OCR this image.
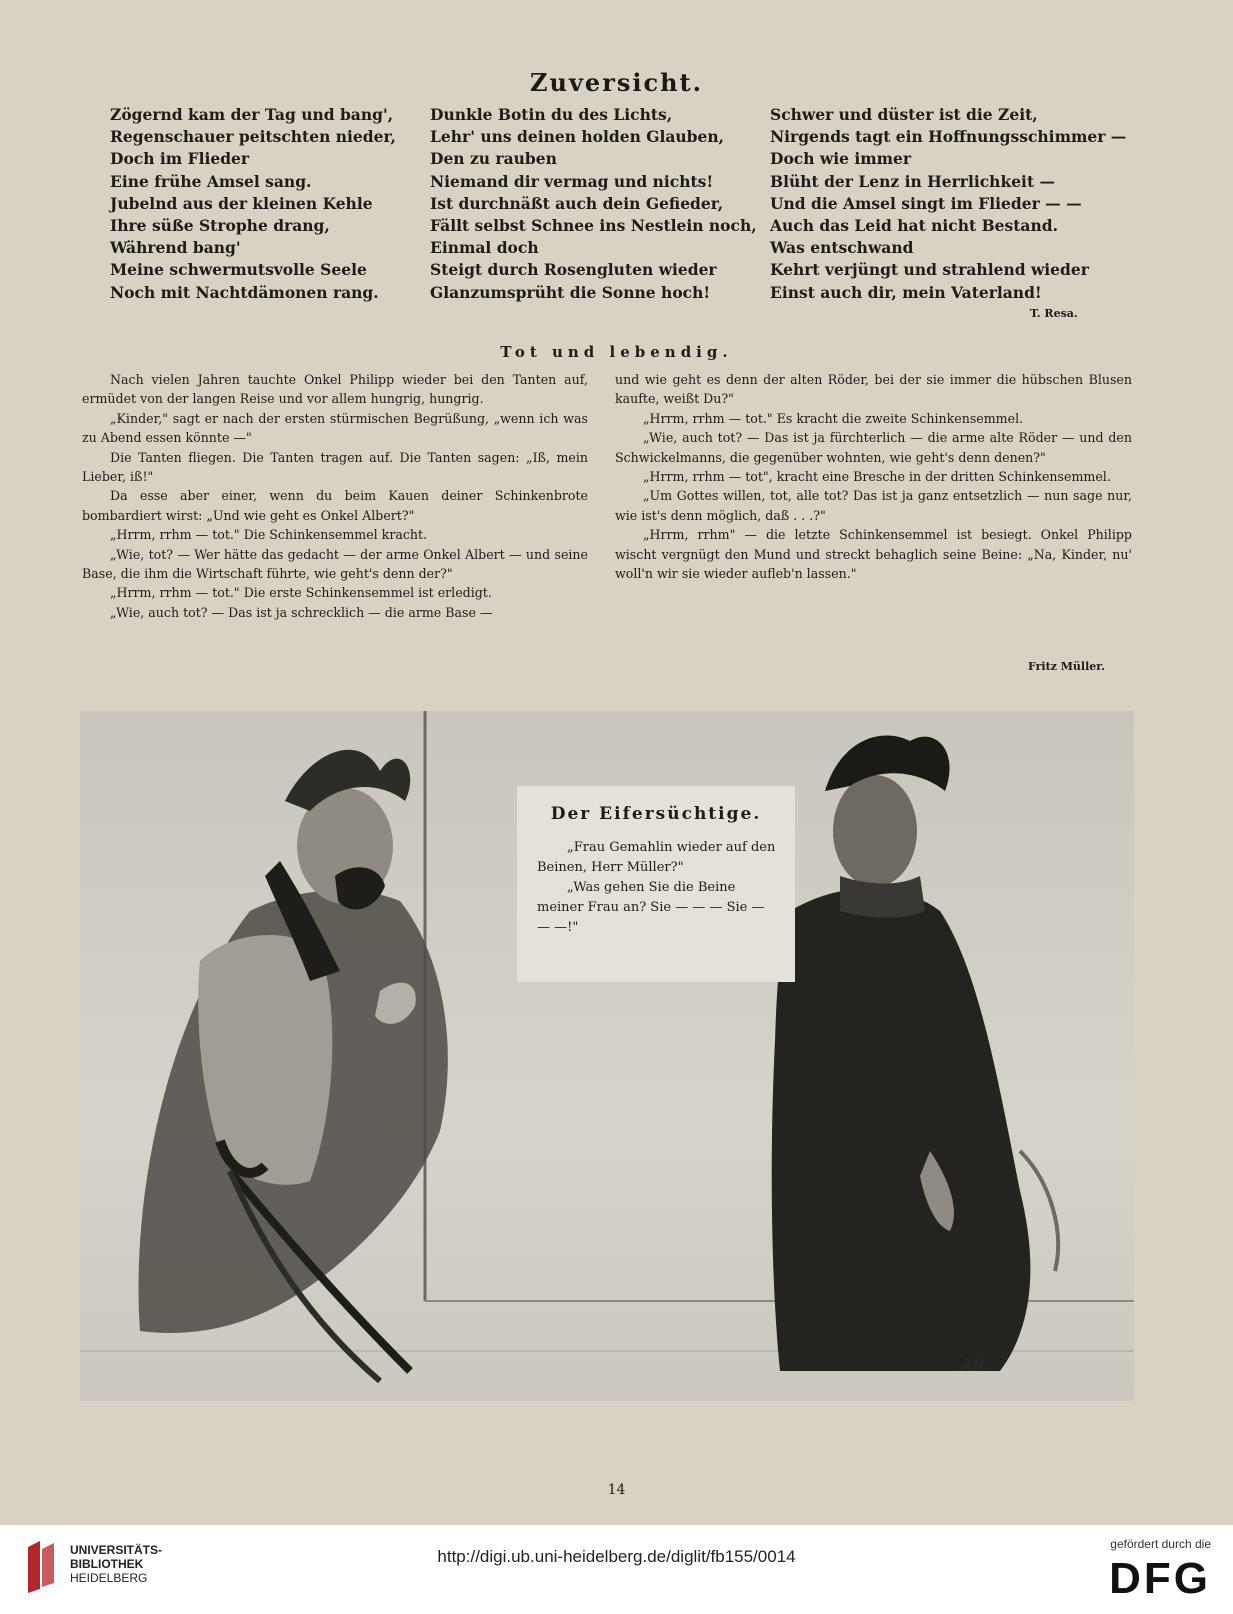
Zuversicht.
Zögernd kam der Tag und bang',
Regenschauer peitschten nieder,
Doch im Flieder
Eine frühe Amsel sang.
Jubelnd aus der kleinen Kehle
Ihre süße Strophe drang,
Während bang'
Meine schwermutsvolle Seele
Noch mit Nachtdämonen rang.
Dunkle Botin du des Lichts,
Lehr' uns deinen holden Glauben,
Den zu rauben
Niemand dir vermag und nichts!
Ist durchnäßt auch dein Gefieder,
Fällt selbst Schnee ins Nestlein noch,
Einmal doch
Steigt durch Rosengluten wieder
Glanzumsprüht die Sonne hoch!
Schwer und düster ist die Zeit,
Nirgends tagt ein Hoffnungsschimmer —
Doch wie immer
Blüht der Lenz in Herrlichkeit —
Und die Amsel singt im Flieder — —
Auch das Leid hat nicht Bestand.
Was entschwand
Kehrt verjüngt und strahlend wieder
Einst auch dir, mein Vaterland!
T. Resa.
Tot und lebendig.

Nach vielen Jahren tauchte Onkel Philipp wieder bei den Tanten auf, ermüdet von der langen Reise und vor allem hungrig, hungrig.

„Kinder," sagt er nach der ersten stürmischen Begrüßung, „wenn ich was zu Abend essen könnte —"

Die Tanten fliegen. Die Tanten tragen auf. Die Tanten sagen: „Iß, mein Lieber, iß!"

Da esse aber einer, wenn du beim Kauen deiner Schinkenbrote bombardiert wirst: „Und wie geht es Onkel Albert?"

„Hrrm, rrhm — tot." Die Schinkensemmel kracht.

„Wie, tot? — Wer hätte das gedacht — der arme Onkel Albert — und seine Base, die ihm die Wirtschaft führte, wie geht's denn der?"

„Hrrm, rrhm — tot." Die erste Schinkensemmel ist erledigt.

„Wie, auch tot? — Das ist ja schrecklich — die arme Base —

und wie geht es denn der alten Röder, bei der sie immer die hübschen Blusen kaufte, weißt Du?"

„Hrrm, rrhm — tot." Es kracht die zweite Schinkensemmel.

„Wie, auch tot? — Das ist ja fürchterlich — die arme alte Röder — und den Schwickelmanns, die gegenüber wohnten, wie geht's denn denen?"

„Hrrm, rrhm — tot", kracht eine Bresche in der dritten Schinkensemmel.

„Um Gottes willen, tot, alle tot? Das ist ja ganz entsetzlich — nun sage nur, wie ist's denn möglich, daß . . .?"

„Hrrm, rrhm" — die letzte Schinkensemmel ist besiegt. Onkel Philipp wischt vergnügt den Mund und streckt behaglich seine Beine: „Na, Kinder, nu' woll'n wir sie wieder aufleb'n lassen."

Fritz Müller.
Alt
Der Eifersüchtige.

„Frau Gemahlin wieder auf den Beinen, Herr Müller?"

„Was gehen Sie die Beine meiner Frau an? Sie — — — Sie — — —!"

14
UNIVERSITÄTS-
BIBLIOTHEK
HEIDELBERG
http://digi.ub.uni-heidelberg.de/diglit/fb155/0014
gefördert durch die
DFG
